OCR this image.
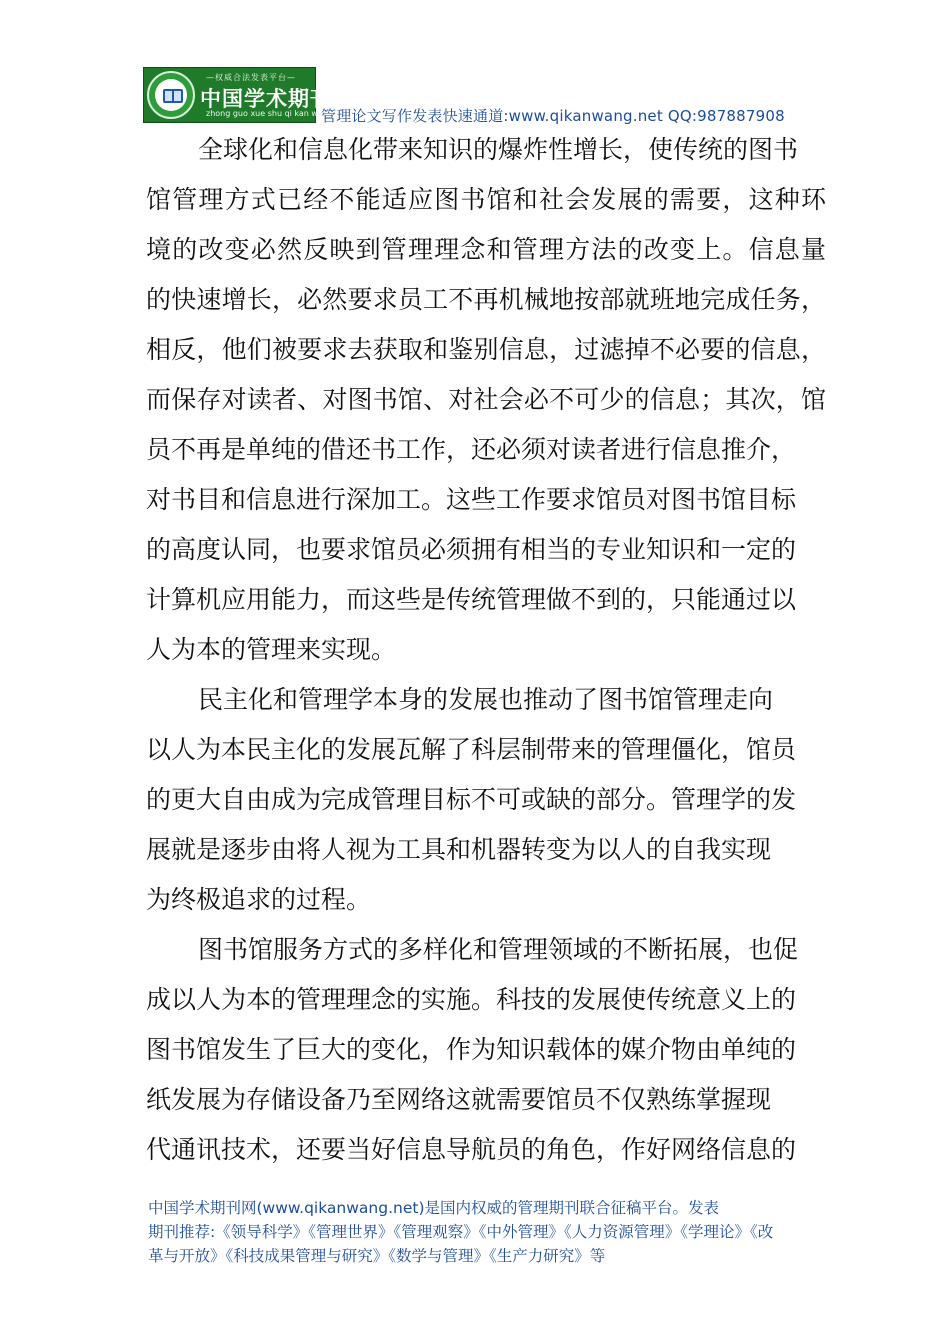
—权威合法发表平台—
中国学术期刊网
zhong guo xue shu qi kan wang
管理论文写作发表快速通道:www.qikanwang.net QQ:987887908
全球化和信息化带来知识的爆炸性增长，使传统的图书
馆管理方式已经不能适应图书馆和社会发展的需要，这种环
境的改变必然反映到管理理念和管理方法的改变上。信息量
的快速增长，必然要求员工不再机械地按部就班地完成任务，
相反，他们被要求去获取和鉴别信息，过滤掉不必要的信息，
而保存对读者、对图书馆、对社会必不可少的信息；其次，馆
员不再是单纯的借还书工作，还必须对读者进行信息推介，
对书目和信息进行深加工。这些工作要求馆员对图书馆目标
的高度认同，也要求馆员必须拥有相当的专业知识和一定的
计算机应用能力，而这些是传统管理做不到的，只能通过以
人为本的管理来实现。
民主化和管理学本身的发展也推动了图书馆管理走向
以人为本民主化的发展瓦解了科层制带来的管理僵化，馆员
的更大自由成为完成管理目标不可或缺的部分。管理学的发
展就是逐步由将人视为工具和机器转变为以人的自我实现
为终极追求的过程。
图书馆服务方式的多样化和管理领域的不断拓展，也促
成以人为本的管理理念的实施。科技的发展使传统意义上的
图书馆发生了巨大的变化，作为知识载体的媒介物由单纯的
纸发展为存储设备乃至网络这就需要馆员不仅熟练掌握现
代通讯技术，还要当好信息导航员的角色，作好网络信息的
中国学术期刊网(www.qikanwang.net)是国内权威的管理期刊联合征稿平台。发表
期刊推荐:《领导科学》《管理世界》《管理观察》《中外管理》《人力资源管理》《学理论》《改
革与开放》《科技成果管理与研究》《数学与管理》《生产力研究》等
